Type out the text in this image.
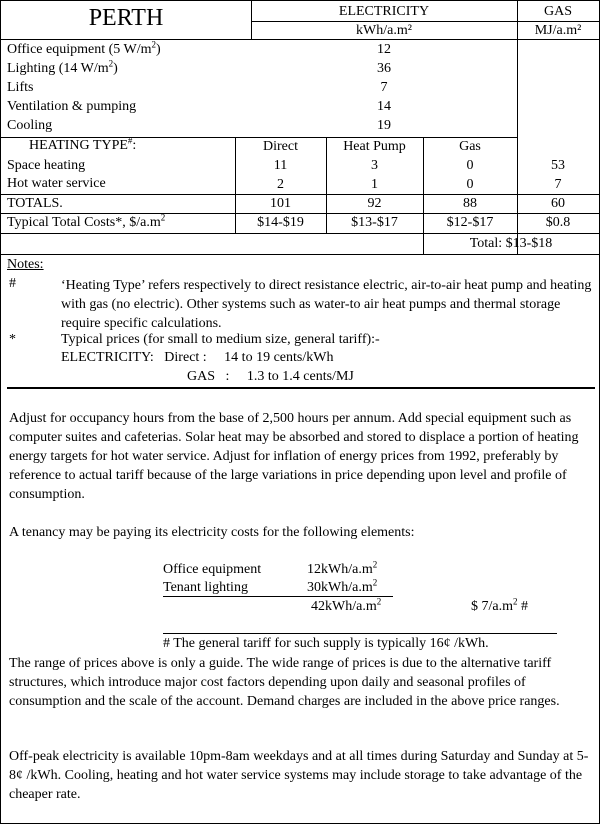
PERTH	ELECTRICITY	GAS
kWh/a.m²	MJ/a.m²
Office equipment (5 $W/m^2$)	12
Lighting (14 $W/m^2$)	36
Lifts	7
Ventilation & pumping	14
Cooling	19
HEATING TYPE#:	Direct	Heat Pump	Gas
Space heating	11	3	0	53
Hot water service	2	1	0	7
TOTALS.	101	92	88	60
Typical Total Costs*, $\$/a.m^2$	$14-$19	$13-$17	$12-$17	$0.8
Total: $13-$18
Notes:
#	‘Heating Type’ refers respectively to direct resistance electric, air-to-air heat pump and heating with gas (no electric). Other systems such as water-to air heat pumps and thermal storage require specific calculations.
*	Typical prices (for small to medium size, general tariff):-
ELECTRICITY:   Direct :     14 to 19 cents/kWh
GAS   :     1.3 to 1.4 cents/MJ
Adjust for occupancy hours from the base of 2,500 hours per annum. Add special equipment such as computer suites and cafeterias. Solar heat may be absorbed and stored to displace a portion of heating energy targets for hot water service. Adjust for inflation of energy prices from 1992, preferably by reference to actual tariff because of the large variations in price depending upon level and profile of consumption.
A tenancy may be paying its electricity costs for the following elements:
Office equipment	$12kWh/a.m^2$
Tenant lighting	$30kWh/a.m^2$
$42kWh/a.m^2$	$ $7/a.m^2$ #
# The general tariff for such supply is typically 16¢ /kWh.
The range of prices above is only a guide. The wide range of prices is due to the alternative tariff structures, which introduce major cost factors depending upon daily and seasonal profiles of consumption and the scale of the account. Demand charges are included in the above price ranges.
Off-peak electricity is available 10pm-8am weekdays and at all times during Saturday and Sunday at 5-8¢ /kWh. Cooling, heating and hot water service systems may include storage to take advantage of the cheaper rate.
